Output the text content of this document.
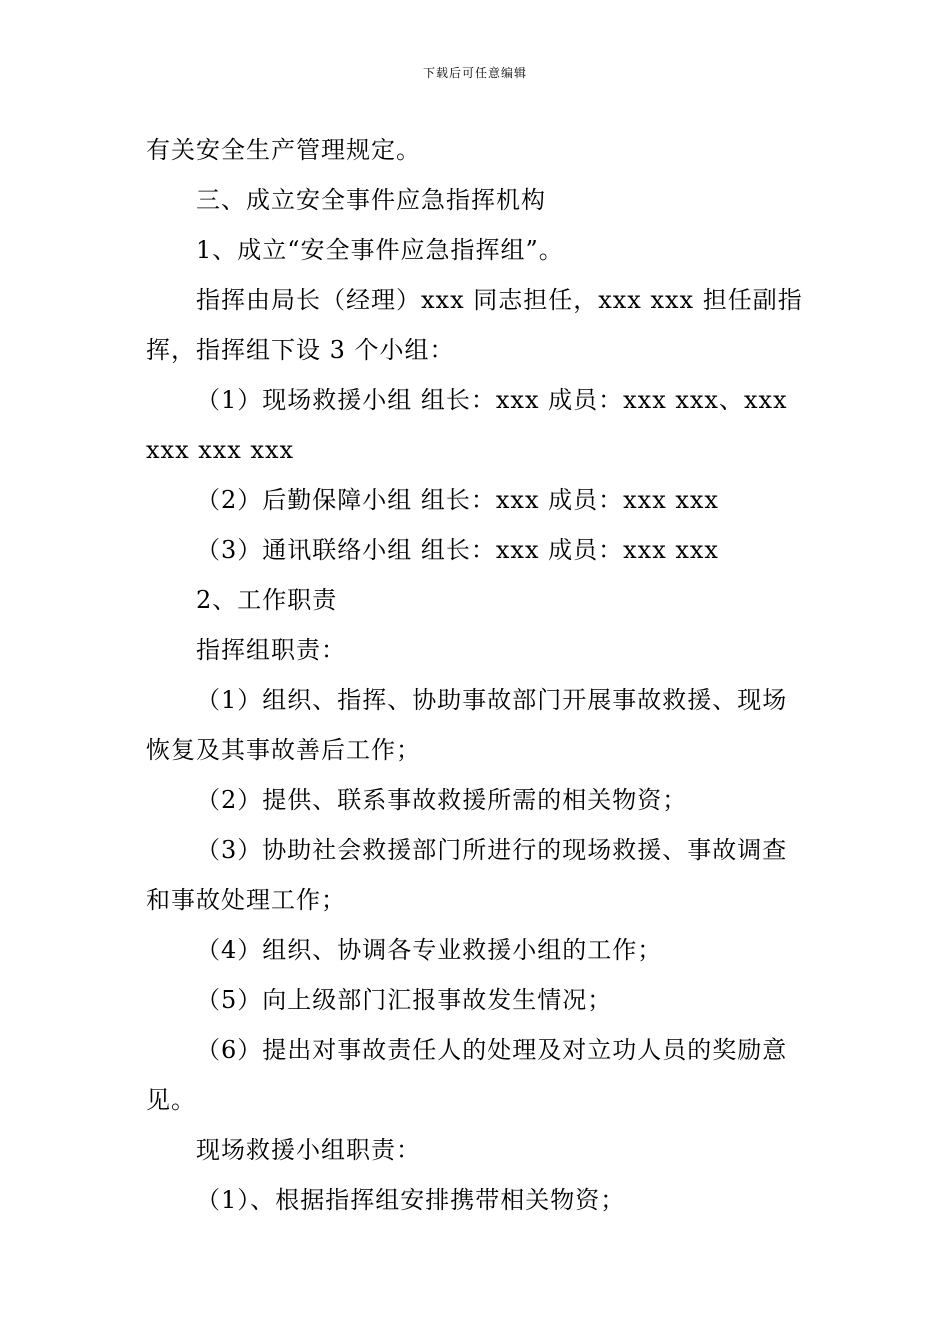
下载后可任意编辑

有关安全生产管理规定。

三、成立安全事件应急指挥机构

1、成立“安全事件应急指挥组”。

指挥由局长（经理）xxx 同志担任，xxx xxx 担任副指挥，指挥组下设 3 个小组：

（1）现场救援小组 组长：xxx 成员：xxx xxx、xxx xxx xxx xxx

（2）后勤保障小组 组长：xxx 成员：xxx xxx

（3）通讯联络小组 组长：xxx 成员：xxx xxx

2、工作职责

指挥组职责：

（1）组织、指挥、协助事故部门开展事故救援、现场恢复及其事故善后工作；

（2）提供、联系事故救援所需的相关物资；

（3）协助社会救援部门所进行的现场救援、事故调查和事故处理工作；

（4）组织、协调各专业救援小组的工作；

（5）向上级部门汇报事故发生情况；

（6）提出对事故责任人的处理及对立功人员的奖励意见。

现场救援小组职责：

（1）、根据指挥组安排携带相关物资；
